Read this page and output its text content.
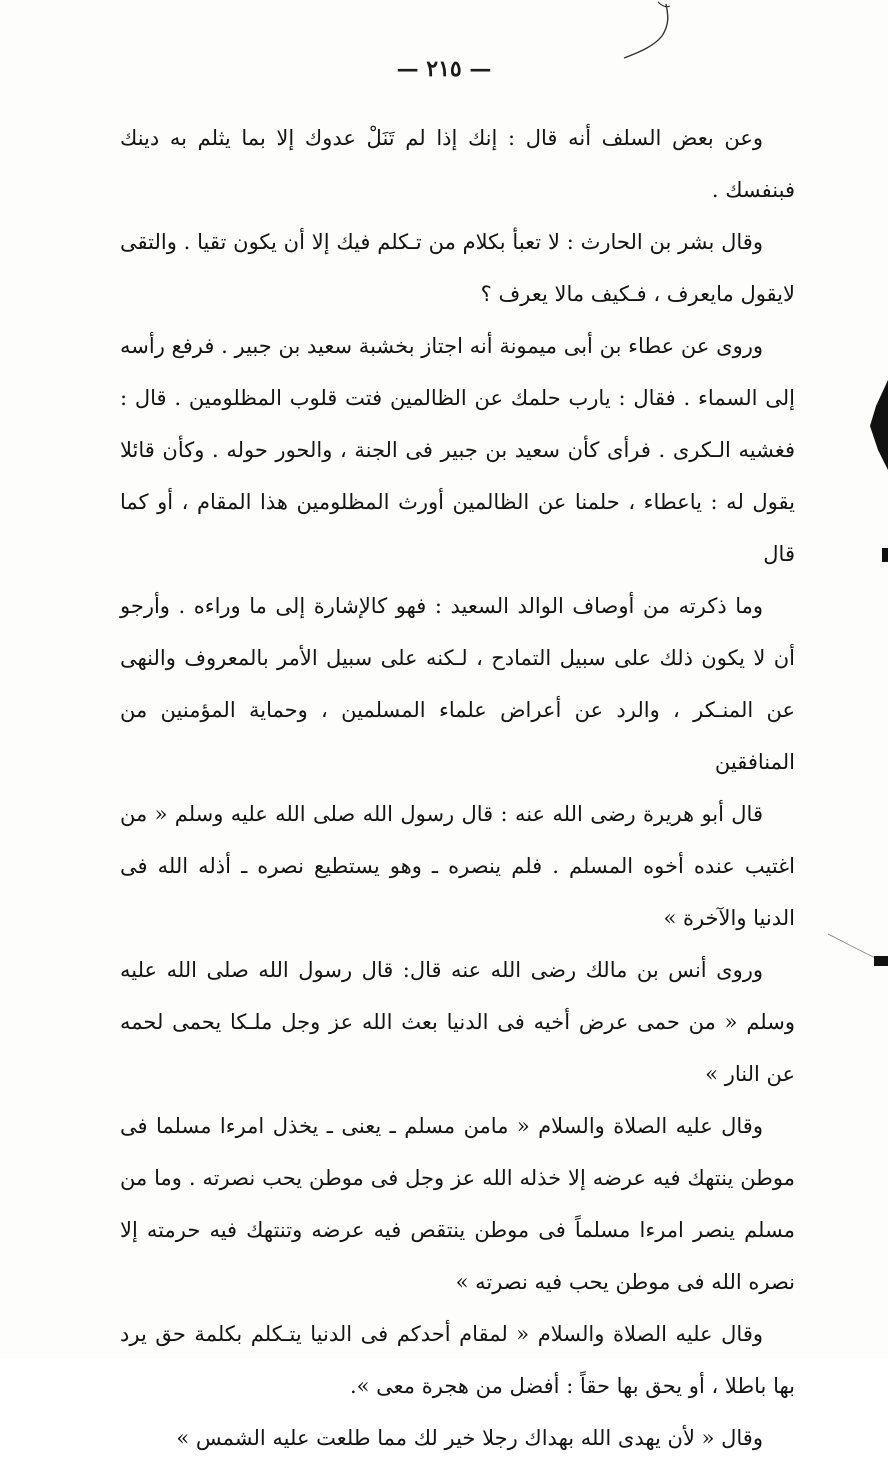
— ٢١٥ —

وعن بعض السلف أنه قال : إنك إذا لم تَنَلْ عدوك إلا بما يثلم به دينك فبنفسك .

وقال بشر بن الحارث : لا تعبأ بكلام من تـكلم فيك إلا أن يكون تقيا . والتقى لايقول مايعرف ، فـكيف مالا يعرف ؟

وروى عن عطاء بن أبى ميمونة أنه اجتاز بخشبة سعيد بن جبير . فرفع رأسه إلى السماء . فقال : يارب حلمك عن الظالمين فتت قلوب المظلومين . قال : فغشيه الـكرى . فرأى كأن سعيد بن جبير فى الجنة ، والحور حوله . وكأن قائلا يقول له : ياعطاء ، حلمنا عن الظالمين أورث المظلومين هذا المقام ، أو كما قال

وما ذكرته من أوصاف الوالد السعيد : فهو كالإشارة إلى ما وراءه . وأرجو أن لا يكون ذلك على سبيل التمادح ، لـكنه على سبيل الأمر بالمعروف والنهى عن المنـكر ، والرد عن أعراض علماء المسلمين ، وحماية المؤمنين من المنافقين

قال أبو هريرة رضى الله عنه : قال رسول الله صلى الله عليه وسلم « من اغتيب عنده أخوه المسلم . فلم ينصره ـ وهو يستطيع نصره ـ أذله الله فى الدنيا والآخرة »

وروى أنس بن مالك رضى الله عنه قال: قال رسول الله صلى الله عليه وسلم « من حمى عرض أخيه فى الدنيا بعث الله عز وجل ملـكا يحمى لحمه عن النار »

وقال عليه الصلاة والسلام « مامن مسلم ـ يعنى ـ يخذل امرءا مسلما فى موطن ينتهك فيه عرضه إلا خذله الله عز وجل فى موطن يحب نصرته . وما من مسلم ينصر امرءا مسلماً فى موطن ينتقص فيه عرضه وتنتهك فيه حرمته إلا نصره الله فى موطن يحب فيه نصرته »

وقال عليه الصلاة والسلام « لمقام أحدكم فى الدنيا يتـكلم بكلمة حق يرد بها باطلا ، أو يحق بها حقاً : أفضل من هجرة معى ».

وقال « لأن يهدى الله بهداك رجلا خير لك مما طلعت عليه الشمس »
